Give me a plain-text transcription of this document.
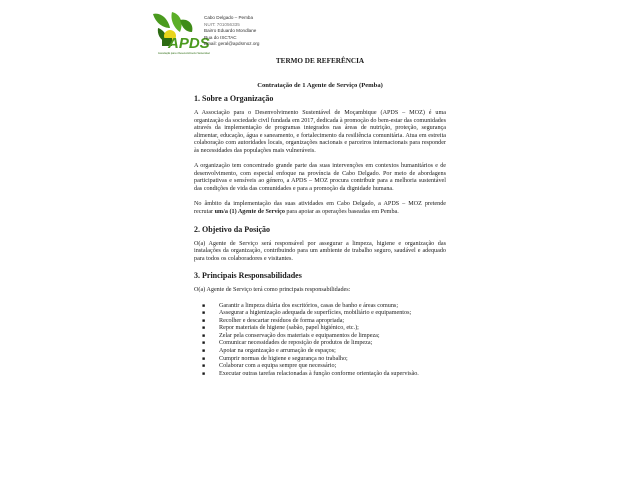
APDS
Associação para o Desenvolvimento Sustentável
Cabo Delgado – Pemba
NUIT: 701056335
Bairro Eduardo Mondlane
Rua do ISCTAC
Email: geral@apdsmoz.org

TERMO DE REFERÊNCIA

Contratação de 1 Agente de Serviço (Pemba)

1. Sobre a Organização

A Associação para o Desenvolvimento Sustentável de Moçambique (APDS – MOZ) é uma organização da sociedade civil fundada em 2017, dedicada à promoção do bem-estar das comunidades através da implementação de programas integrados nas áreas de nutrição, proteção, segurança alimentar, educação, água e saneamento, e fortalecimento da resiliência comunitária. Atua em estreita colaboração com autoridades locais, organizações nacionais e parceiros internacionais para responder às necessidades das populações mais vulneráveis.

A organização tem concentrado grande parte das suas intervenções em contextos humanitários e de desenvolvimento, com especial enfoque na província de Cabo Delgado. Por meio de abordagens participativas e sensíveis ao género, a APDS – MOZ procura contribuir para a melhoria sustentável das condições de vida das comunidades e para a promoção da dignidade humana.

No âmbito da implementação das suas atividades em Cabo Delgado, a APDS – MOZ pretende recrutar um/a (1) Agente de Serviço para apoiar as operações baseadas em Pemba.

2. Objetivo da Posição

O(a) Agente de Serviço será responsável por assegurar a limpeza, higiene e organização das instalações da organização, contribuindo para um ambiente de trabalho seguro, saudável e adequado para todos os colaboradores e visitantes.

3. Principais Responsabilidades

O(a) Agente de Serviço terá como principais responsabilidades:

■ Garantir a limpeza diária dos escritórios, casas de banho e áreas comuns;
■ Assegurar a higienização adequada de superfícies, mobiliário e equipamentos;
■ Recolher e descartar resíduos de forma apropriada;
■ Repor materiais de higiene (sabão, papel higiénico, etc.);
■ Zelar pela conservação dos materiais e equipamentos de limpeza;
■ Comunicar necessidades de reposição de produtos de limpeza;
■ Apoiar na organização e arrumação de espaços;
■ Cumprir normas de higiene e segurança no trabalho;
■ Colaborar com a equipa sempre que necessário;
■ Executar outras tarefas relacionadas à função conforme orientação da supervisão.
